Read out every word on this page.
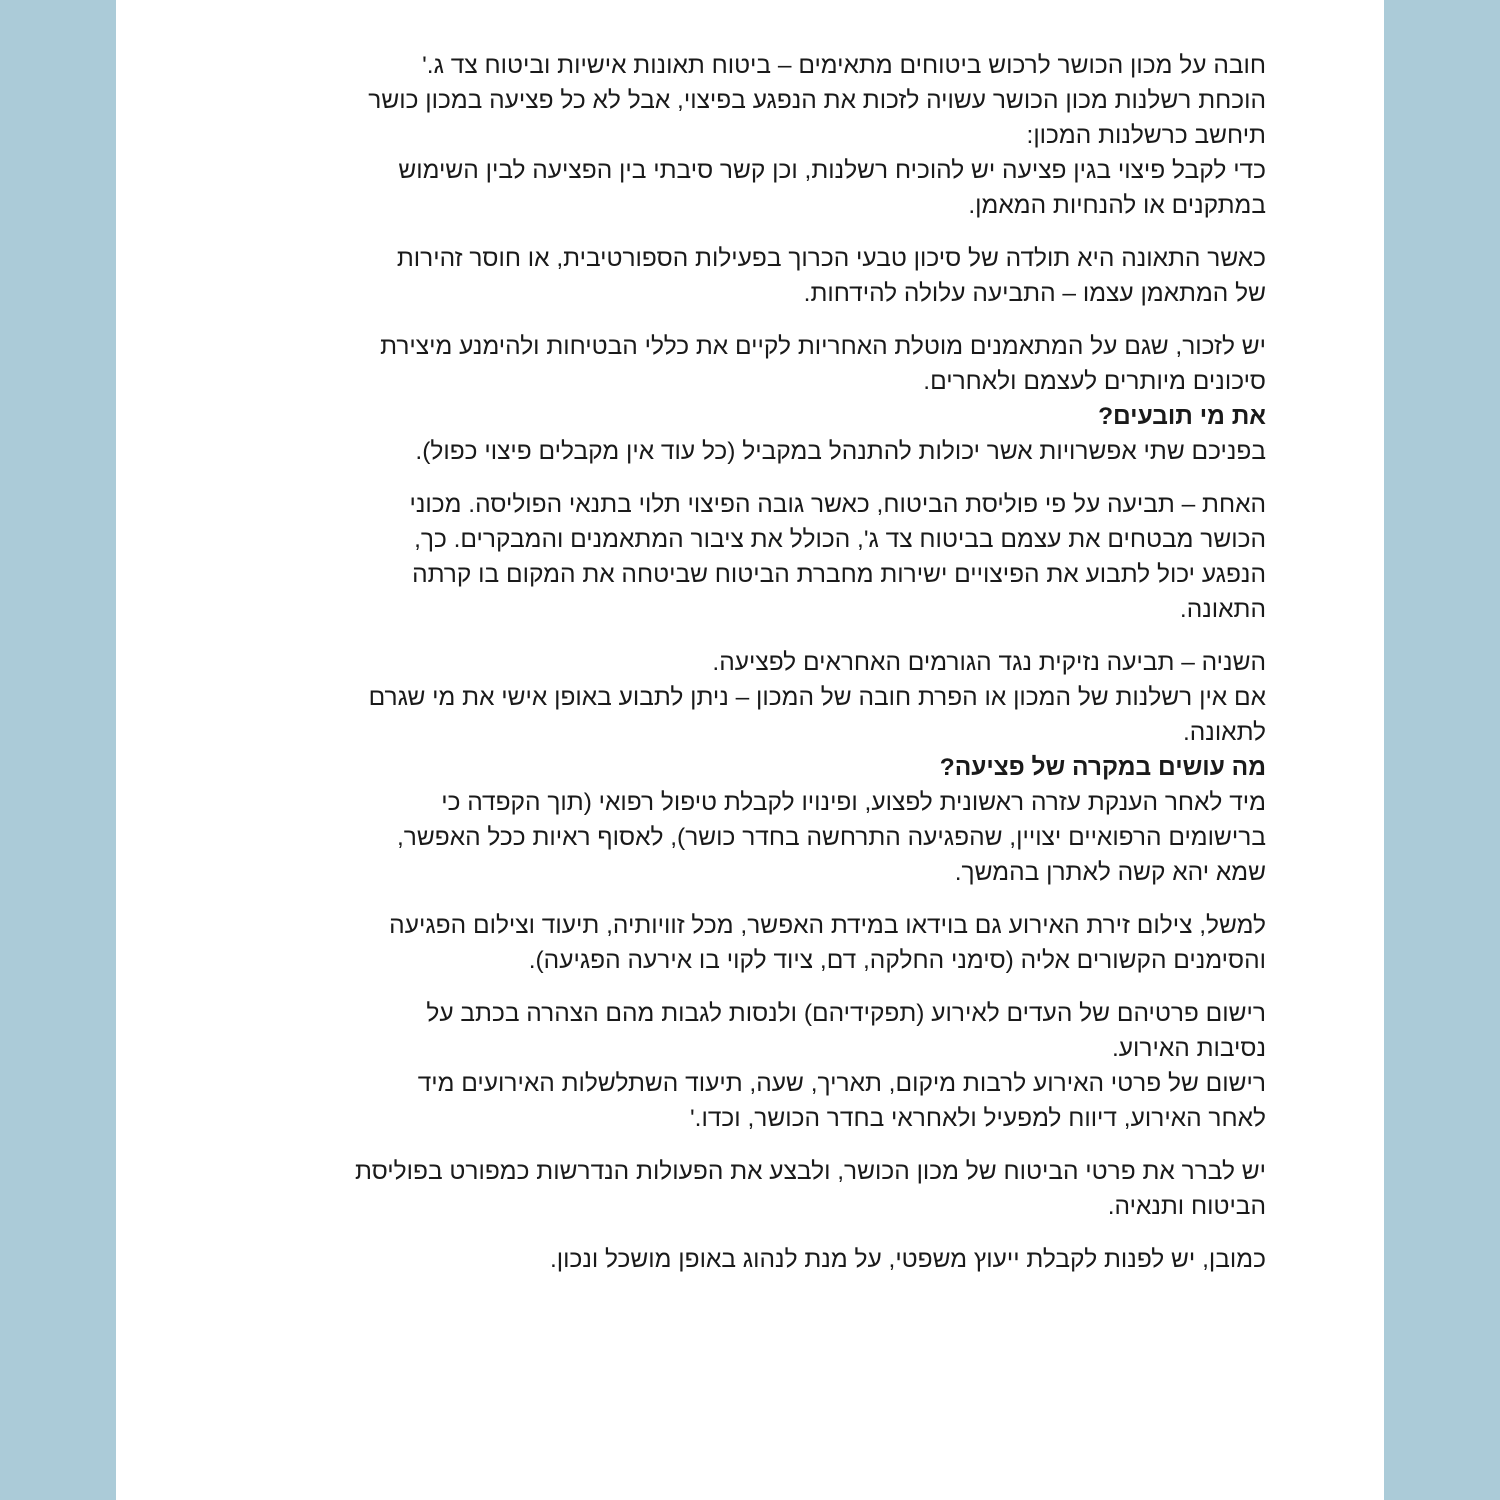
חובה על מכון הכושר לרכוש ביטוחים מתאימים – ביטוח תאונות אישיות וביטוח צד ג.'
הוכחת רשלנות מכון הכושר עשויה לזכות את הנפגע בפיצוי, אבל לא כל פציעה במכון כושר
תיחשב כרשלנות המכון:
כדי לקבל פיצוי בגין פציעה יש להוכיח רשלנות, וכן קשר סיבתי בין הפציעה לבין השימוש
במתקנים או להנחיות המאמן.
כאשר התאונה היא תולדה של סיכון טבעי הכרוך בפעילות הספורטיבית, או חוסר זהירות
של המתאמן עצמו – התביעה עלולה להידחות.
יש לזכור, שגם על המתאמנים מוטלת האחריות לקיים את כללי הבטיחות ולהימנע מיצירת
סיכונים מיותרים לעצמם ולאחרים.
את מי תובעים?
בפניכם שתי אפשרויות אשר יכולות להתנהל במקביל (כל עוד אין מקבלים פיצוי כפול).
האחת – תביעה על פי פוליסת הביטוח, כאשר גובה הפיצוי תלוי בתנאי הפוליסה. מכוני
הכושר מבטחים את עצמם בביטוח צד ג', הכולל את ציבור המתאמנים והמבקרים. כך,
הנפגע יכול לתבוע את הפיצויים ישירות מחברת הביטוח שביטחה את המקום בו קרתה
התאונה.
השניה – תביעה נזיקית נגד הגורמים האחראים לפציעה.
אם אין רשלנות של המכון או הפרת חובה של המכון – ניתן לתבוע באופן אישי את מי שגרם
לתאונה.
מה עושים במקרה של פציעה?
מיד לאחר הענקת עזרה ראשונית לפצוע, ופינויו לקבלת טיפול רפואי (תוך הקפדה כי
ברישומים הרפואיים יצויין, שהפגיעה התרחשה בחדר כושר), לאסוף ראיות ככל האפשר,
שמא יהא קשה לאתרן בהמשך.
למשל, צילום זירת האירוע גם בוידאו במידת האפשר, מכל זוויותיה, תיעוד וצילום הפגיעה
והסימנים הקשורים אליה (סימני החלקה, דם, ציוד לקוי בו אירעה הפגיעה).
רישום פרטיהם של העדים לאירוע (תפקידיהם) ולנסות לגבות מהם הצהרה בכתב על
נסיבות האירוע.
רישום של פרטי האירוע לרבות מיקום, תאריך, שעה, תיעוד השתלשלות האירועים מיד
לאחר האירוע, דיווח למפעיל ולאחראי בחדר הכושר, וכדו.'
יש לברר את פרטי הביטוח של מכון הכושר, ולבצע את הפעולות הנדרשות כמפורט בפוליסת
הביטוח ותנאיה.
כמובן, יש לפנות לקבלת ייעוץ משפטי, על מנת לנהוג באופן מושכל ונכון.
